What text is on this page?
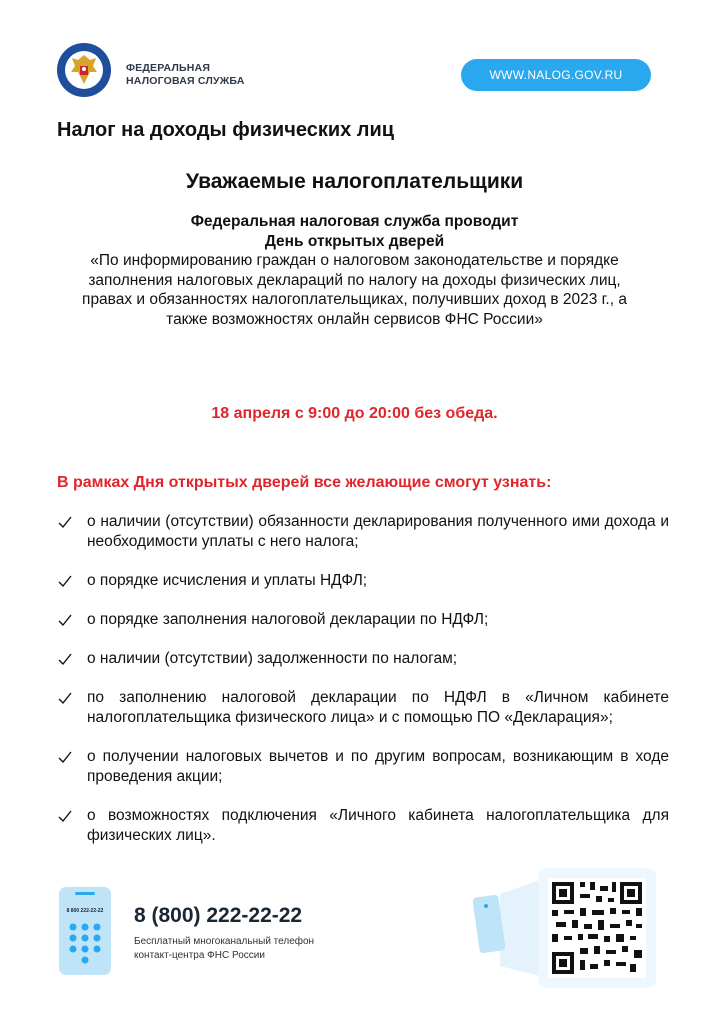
ФЕДЕРАЛЬНАЯ
НАЛОГОВАЯ СЛУЖБА	WWW.NALOG.GOV.RU
Налог на доходы физических лиц
Уважаемые налогоплательщики
Федеральная налоговая служба проводит
День открытых дверей
«По информированию граждан о налоговом законодательстве и порядке заполнения налоговых деклараций по налогу на доходы физических лиц, правах и обязанностях налогоплательщиках, получивших доход в 2023 г., а также возможностях онлайн сервисов ФНС России»
18 апреля с 9:00 до 20:00 без обеда.
В рамках Дня открытых дверей все желающие смогут узнать:
о наличии (отсутствии) обязанности декларирования полученного ими дохода и необходимости уплаты с него налога;
о порядке исчисления и уплаты НДФЛ;
о порядке заполнения налоговой декларации по НДФЛ;
о наличии (отсутствии) задолженности по налогам;
по заполнению налоговой декларации по НДФЛ в «Личном кабинете налогоплательщика физического лица» и с помощью ПО «Декларация»;
о получении налоговых вычетов и по другим вопросам, возникающим в ходе проведения акции;
о возможностях подключения «Личного кабинета налогоплательщика для физических лиц».
8 800 222-22-22 8 (800) 222-22-22
Бесплатный многоканальный телефон
контакт-центра ФНС России
